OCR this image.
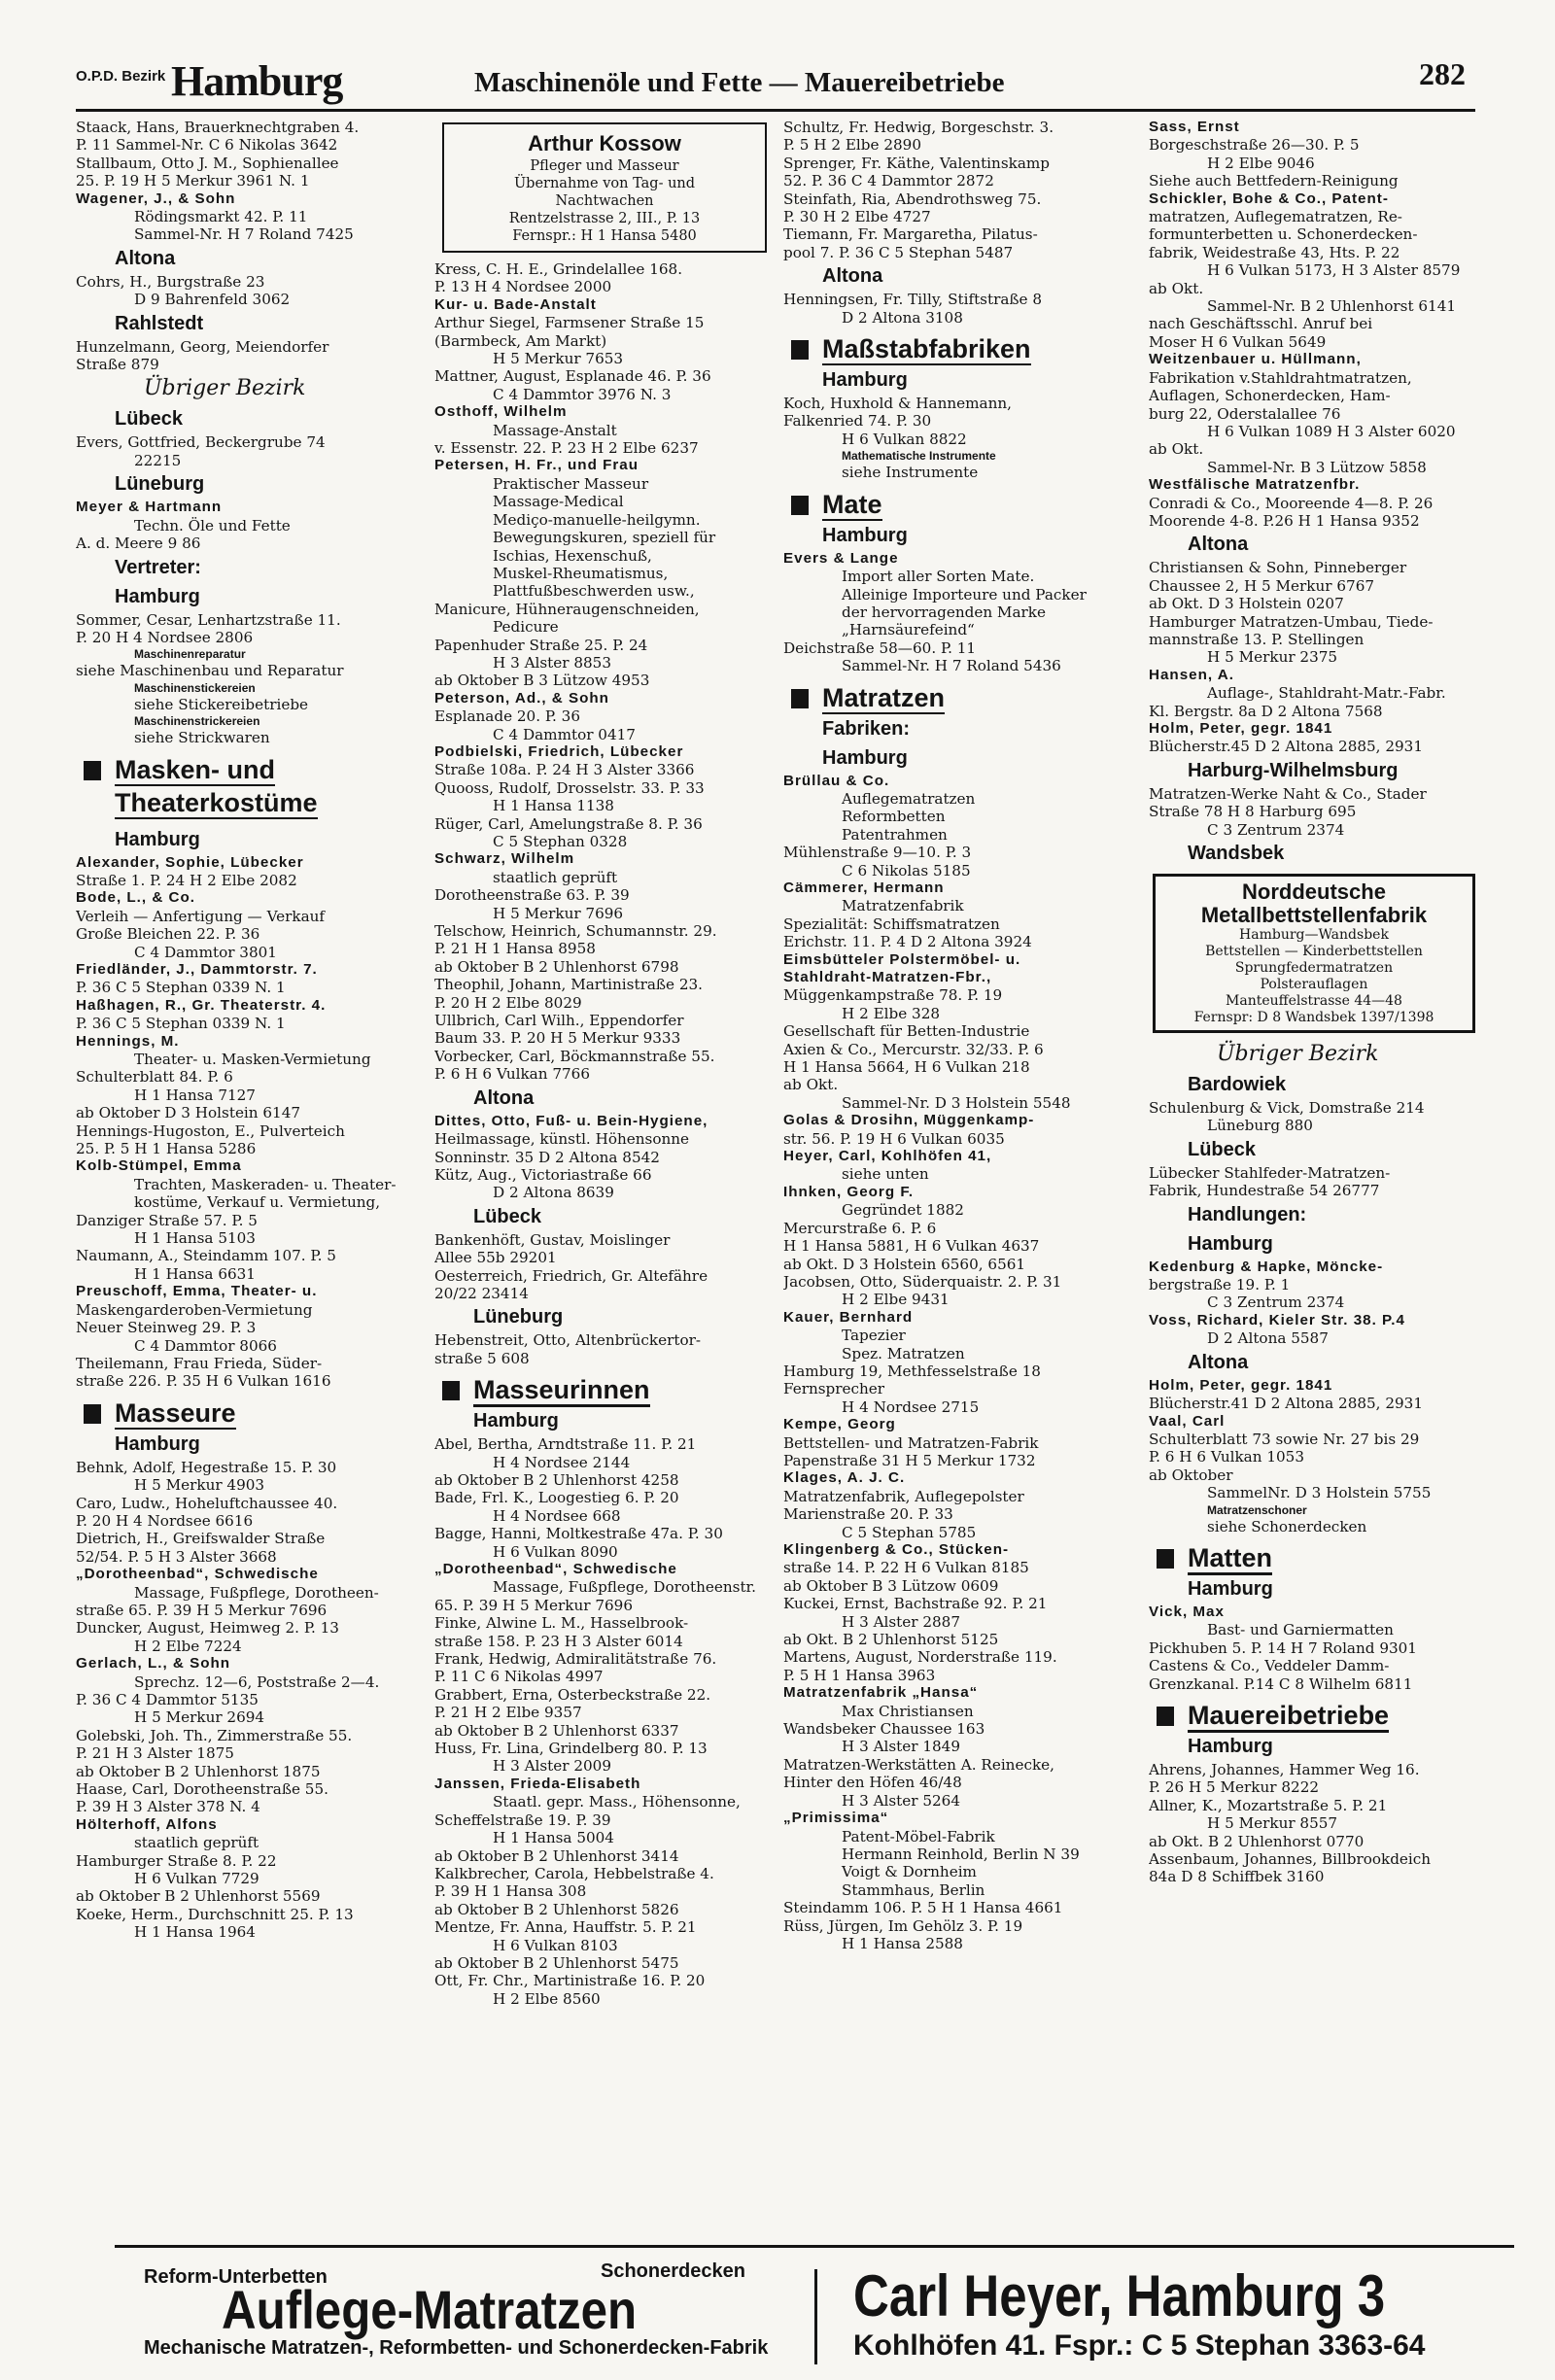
O.P.D. Bezirk Hamburg	Maschinenöle und Fette — Mauereibetriebe	282
Staack, Hans, Brauerknechtgraben 4.
P. 11 Sammel-Nr. C 6 Nikolas 3642
Stallbaum, Otto J. M., Sophienallee
25. P. 19 H 5 Merkur 3961 N. 1
Wagener, J., & Sohn
Rödingsmarkt 42. P. 11
Sammel-Nr. H 7 Roland 7425
Altona
Cohrs, H., Burgstraße 23
D 9 Bahrenfeld 3062
Rahlstedt
Hunzelmann, Georg, Meiendorfer
Straße 879
Übriger Bezirk
Lübeck
Evers, Gottfried, Beckergrube 74
22215
Lüneburg
Meyer & Hartmann
Techn. Öle und Fette
A. d. Meere 9 86
Vertreter:
Hamburg
Sommer, Cesar, Lenhartzstraße 11.
P. 20 H 4 Nordsee 2806
Maschinenreparatur
siehe Maschinenbau und Reparatur
Maschinenstickereien
siehe Stickereibetriebe
Maschinenstrickereien
siehe Strickwaren
Masken- und
Theaterkostüme
Hamburg
Alexander, Sophie, Lübecker
Straße 1. P. 24 H 2 Elbe 2082
Bode, L., & Co.
Verleih — Anfertigung — Verkauf
Große Bleichen 22. P. 36
C 4 Dammtor 3801
Friedländer, J., Dammtorstr. 7.
P. 36 C 5 Stephan 0339 N. 1
Haßhagen, R., Gr. Theaterstr. 4.
P. 36 C 5 Stephan 0339 N. 1
Hennings, M.
Theater- u. Masken-Vermietung
Schulterblatt 84. P. 6
H 1 Hansa 7127
ab Oktober D 3 Holstein 6147
Hennings-Hugoston, E., Pulverteich
25. P. 5 H 1 Hansa 5286
Kolb-Stümpel, Emma
Trachten, Maskeraden- u. Theater-
kostüme, Verkauf u. Vermietung,
Danziger Straße 57. P. 5
H 1 Hansa 5103
Naumann, A., Steindamm 107. P. 5
H 1 Hansa 6631
Preuschoff, Emma, Theater- u.
Maskengarderoben-Vermietung
Neuer Steinweg 29. P. 3
C 4 Dammtor 8066
Theilemann, Frau Frieda, Süder-
straße 226. P. 35 H 6 Vulkan 1616
Masseure
Hamburg
Behnk, Adolf, Hegestraße 15. P. 30
H 5 Merkur 4903
Caro, Ludw., Hoheluftchaussee 40.
P. 20 H 4 Nordsee 6616
Dietrich, H., Greifswalder Straße
52/54. P. 5 H 3 Alster 3668
„Dorotheenbad“, Schwedische
Massage, Fußpflege, Dorotheen-
straße 65. P. 39 H 5 Merkur 7696
Duncker, August, Heimweg 2. P. 13
H 2 Elbe 7224
Gerlach, L., & Sohn
Sprechz. 12—6, Poststraße 2—4.
P. 36 C 4 Dammtor 5135
H 5 Merkur 2694
Golebski, Joh. Th., Zimmerstraße 55.
P. 21 H 3 Alster 1875
ab Oktober B 2 Uhlenhorst 1875
Haase, Carl, Dorotheenstraße 55.
P. 39 H 3 Alster 378 N. 4
Hölterhoff, Alfons
staatlich geprüft
Hamburger Straße 8. P. 22
H 6 Vulkan 7729
ab Oktober B 2 Uhlenhorst 5569
Koeke, Herm., Durchschnitt 25. P. 13
H 1 Hansa 1964
Arthur Kossow
Pfleger und Masseur
Übernahme von Tag- und
Nachtwachen
Rentzelstrasse 2, III., P. 13
Fernspr.: H 1 Hansa 5480
Kress, C. H. E., Grindelallee 168.
P. 13 H 4 Nordsee 2000
Kur- u. Bade-Anstalt
Arthur Siegel, Farmsener Straße 15
(Barmbeck, Am Markt)
H 5 Merkur 7653
Mattner, August, Esplanade 46. P. 36
C 4 Dammtor 3976 N. 3
Osthoff, Wilhelm
Massage-Anstalt
v. Essenstr. 22. P. 23 H 2 Elbe 6237
Petersen, H. Fr., und Frau
Praktischer Masseur
Massage-Medical
Mediço-manuelle-heilgymn.
Bewegungskuren, speziell für
Ischias, Hexenschuß,
Muskel-Rheumatismus,
Plattfußbeschwerden usw.,
Manicure, Hühneraugenschneiden,
Pedicure
Papenhuder Straße 25. P. 24
H 3 Alster 8853
ab Oktober B 3 Lützow 4953
Peterson, Ad., & Sohn
Esplanade 20. P. 36
C 4 Dammtor 0417
Podbielski, Friedrich, Lübecker
Straße 108a. P. 24 H 3 Alster 3366
Quooss, Rudolf, Drosselstr. 33. P. 33
H 1 Hansa 1138
Rüger, Carl, Amelungstraße 8. P. 36
C 5 Stephan 0328
Schwarz, Wilhelm
staatlich geprüft
Dorotheenstraße 63. P. 39
H 5 Merkur 7696
Telschow, Heinrich, Schumannstr. 29.
P. 21 H 1 Hansa 8958
ab Oktober B 2 Uhlenhorst 6798
Theophil, Johann, Martinistraße 23.
P. 20 H 2 Elbe 8029
Ullbrich, Carl Wilh., Eppendorfer
Baum 33. P. 20 H 5 Merkur 9333
Vorbecker, Carl, Böckmannstraße 55.
P. 6 H 6 Vulkan 7766
Altona
Dittes, Otto, Fuß- u. Bein-Hygiene,
Heilmassage, künstl. Höhensonne
Sonninstr. 35 D 2 Altona 8542
Kütz, Aug., Victoriastraße 66
D 2 Altona 8639
Lübeck
Bankenhöft, Gustav, Moislinger
Allee 55b 29201
Oesterreich, Friedrich, Gr. Altefähre
20/22 23414
Lüneburg
Hebenstreit, Otto, Altenbrückertor-
straße 5 608
Masseurinnen
Hamburg
Abel, Bertha, Arndtstraße 11. P. 21
H 4 Nordsee 2144
ab Oktober B 2 Uhlenhorst 4258
Bade, Frl. K., Loogestieg 6. P. 20
H 4 Nordsee 668
Bagge, Hanni, Moltkestraße 47a. P. 30
H 6 Vulkan 8090
„Dorotheenbad“, Schwedische
Massage, Fußpflege, Dorotheenstr.
65. P. 39 H 5 Merkur 7696
Finke, Alwine L. M., Hasselbrook-
straße 158. P. 23 H 3 Alster 6014
Frank, Hedwig, Admiralitätstraße 76.
P. 11 C 6 Nikolas 4997
Grabbert, Erna, Osterbeckstraße 22.
P. 21 H 2 Elbe 9357
ab Oktober B 2 Uhlenhorst 6337
Huss, Fr. Lina, Grindelberg 80. P. 13
H 3 Alster 2009
Janssen, Frieda-Elisabeth
Staatl. gepr. Mass., Höhensonne,
Scheffelstraße 19. P. 39
H 1 Hansa 5004
ab Oktober B 2 Uhlenhorst 3414
Kalkbrecher, Carola, Hebbelstraße 4.
P. 39 H 1 Hansa 308
ab Oktober B 2 Uhlenhorst 5826
Mentze, Fr. Anna, Hauffstr. 5. P. 21
H 6 Vulkan 8103
ab Oktober B 2 Uhlenhorst 5475
Ott, Fr. Chr., Martinistraße 16. P. 20
H 2 Elbe 8560
Schultz, Fr. Hedwig, Borgeschstr. 3.
P. 5 H 2 Elbe 2890
Sprenger, Fr. Käthe, Valentinskamp
52. P. 36 C 4 Dammtor 2872
Steinfath, Ria, Abendrothsweg 75.
P. 30 H 2 Elbe 4727
Tiemann, Fr. Margaretha, Pilatus-
pool 7. P. 36 C 5 Stephan 5487
Altona
Henningsen, Fr. Tilly, Stiftstraße 8
D 2 Altona 3108
Maßstabfabriken
Hamburg
Koch, Huxhold & Hannemann,
Falkenried 74. P. 30
H 6 Vulkan 8822
Mathematische Instrumente
siehe Instrumente
Mate
Hamburg
Evers & Lange
Import aller Sorten Mate.
Alleinige Importeure und Packer
der hervorragenden Marke
„Harnsäurefeind“
Deichstraße 58—60. P. 11
Sammel-Nr. H 7 Roland 5436
Matratzen
Fabriken:
Hamburg
Brüllau & Co.
Auflegematratzen
Reformbetten
Patentrahmen
Mühlenstraße 9—10. P. 3
C 6 Nikolas 5185
Cämmerer, Hermann
Matratzenfabrik
Spezialität: Schiffsmatratzen
Erichstr. 11. P. 4 D 2 Altona 3924
Eimsbütteler Polstermöbel- u.
Stahldraht-Matratzen-Fbr.,
Müggenkampstraße 78. P. 19
H 2 Elbe 328
Gesellschaft für Betten-Industrie
Axien & Co., Mercurstr. 32/33. P. 6
H 1 Hansa 5664, H 6 Vulkan 218
ab Okt.
Sammel-Nr. D 3 Holstein 5548
Golas & Drosihn, Müggenkamp-
str. 56. P. 19 H 6 Vulkan 6035
Heyer, Carl, Kohlhöfen 41,
siehe unten
Ihnken, Georg F.
Gegründet 1882
Mercurstraße 6. P. 6
H 1 Hansa 5881, H 6 Vulkan 4637
ab Okt. D 3 Holstein 6560, 6561
Jacobsen, Otto, Süderquaistr. 2. P. 31
H 2 Elbe 9431
Kauer, Bernhard
Tapezier
Spez. Matratzen
Hamburg 19, Methfesselstraße 18
Fernsprecher
H 4 Nordsee 2715
Kempe, Georg
Bettstellen- und Matratzen-Fabrik
Papenstraße 31 H 5 Merkur 1732
Klages, A. J. C.
Matratzenfabrik, Auflegepolster
Marienstraße 20. P. 33
C 5 Stephan 5785
Klingenberg & Co., Stücken-
straße 14. P. 22 H 6 Vulkan 8185
ab Oktober B 3 Lützow 0609
Kuckei, Ernst, Bachstraße 92. P. 21
H 3 Alster 2887
ab Okt. B 2 Uhlenhorst 5125
Martens, August, Norderstraße 119.
P. 5 H 1 Hansa 3963
Matratzenfabrik „Hansa“
Max Christiansen
Wandsbeker Chaussee 163
H 3 Alster 1849
Matratzen-Werkstätten A. Reinecke,
Hinter den Höfen 46/48
H 3 Alster 5264
„Primissima“
Patent-Möbel-Fabrik
Hermann Reinhold, Berlin N 39
Voigt & Dornheim
Stammhaus, Berlin
Steindamm 106. P. 5 H 1 Hansa 4661
Rüss, Jürgen, Im Gehölz 3. P. 19
H 1 Hansa 2588
Sass, Ernst
Borgeschstraße 26—30. P. 5
H 2 Elbe 9046
Siehe auch Bettfedern-Reinigung
Schickler, Bohe & Co., Patent-
matratzen, Auflegematratzen, Re-
formunterbetten u. Schonerdecken-
fabrik, Weidestraße 43, Hts. P. 22
H 6 Vulkan 5173, H 3 Alster 8579
ab Okt.
Sammel-Nr. B 2 Uhlenhorst 6141
nach Geschäftsschl. Anruf bei
Moser H 6 Vulkan 5649
Weitzenbauer u. Hüllmann,
Fabrikation v.Stahldrahtmatratzen,
Auflagen, Schonerdecken, Ham-
burg 22, Oderstalallee 76
H 6 Vulkan 1089 H 3 Alster 6020
ab Okt.
Sammel-Nr. B 3 Lützow 5858
Westfälische Matratzenfbr.
Conradi & Co., Mooreende 4—8. P. 26
Moorende 4-8. P.26 H 1 Hansa 9352
Altona
Christiansen & Sohn, Pinneberger
Chaussee 2, H 5 Merkur 6767
ab Okt. D 3 Holstein 0207
Hamburger Matratzen-Umbau, Tiede-
mannstraße 13. P. Stellingen
H 5 Merkur 2375
Hansen, A.
Auflage-, Stahldraht-Matr.-Fabr.
Kl. Bergstr. 8a D 2 Altona 7568
Holm, Peter, gegr. 1841
Blücherstr.45 D 2 Altona 2885, 2931
Harburg-Wilhelmsburg
Matratzen-Werke Naht & Co., Stader
Straße 78 H 8 Harburg 695
C 3 Zentrum 2374
Wandsbek
Norddeutsche
Metallbettstellenfabrik
Hamburg—Wandsbek
Bettstellen — Kinderbettstellen
Sprungfedermatratzen
Polsterauflagen
Manteuffelstrasse 44—48
Fernspr: D 8 Wandsbek 1397/1398
Übriger Bezirk
Bardowiek
Schulenburg & Vick, Domstraße 214
Lüneburg 880
Lübeck
Lübecker Stahlfeder-Matratzen-
Fabrik, Hundestraße 54 26777
Handlungen:
Hamburg
Kedenburg & Hapke, Möncke-
bergstraße 19. P. 1
C 3 Zentrum 2374
Voss, Richard, Kieler Str. 38. P.4
D 2 Altona 5587
Altona
Holm, Peter, gegr. 1841
Blücherstr.41 D 2 Altona 2885, 2931
Vaal, Carl
Schulterblatt 73 sowie Nr. 27 bis 29
P. 6 H 6 Vulkan 1053
ab Oktober
SammelNr. D 3 Holstein 5755
Matratzenschoner
siehe Schonerdecken
Matten
Hamburg
Vick, Max
Bast- und Garniermatten
Pickhuben 5. P. 14 H 7 Roland 9301
Castens & Co., Veddeler Damm-
Grenzkanal. P.14 C 8 Wilhelm 6811
Mauereibetriebe
Hamburg
Ahrens, Johannes, Hammer Weg 16.
P. 26 H 5 Merkur 8222
Allner, K., Mozartstraße 5. P. 21
H 5 Merkur 8557
ab Okt. B 2 Uhlenhorst 0770
Assenbaum, Johannes, Billbrookdeich
84a D 8 Schiffbek 3160
Reform-Unterbetten	Schonerdecken
Auflege-Matratzen
Mechanische Matratzen-, Reformbetten- und Schonerdecken-Fabrik
Carl Heyer, Hamburg 3
Kohlhöfen 41. Fspr.: C 5 Stephan 3363-64
